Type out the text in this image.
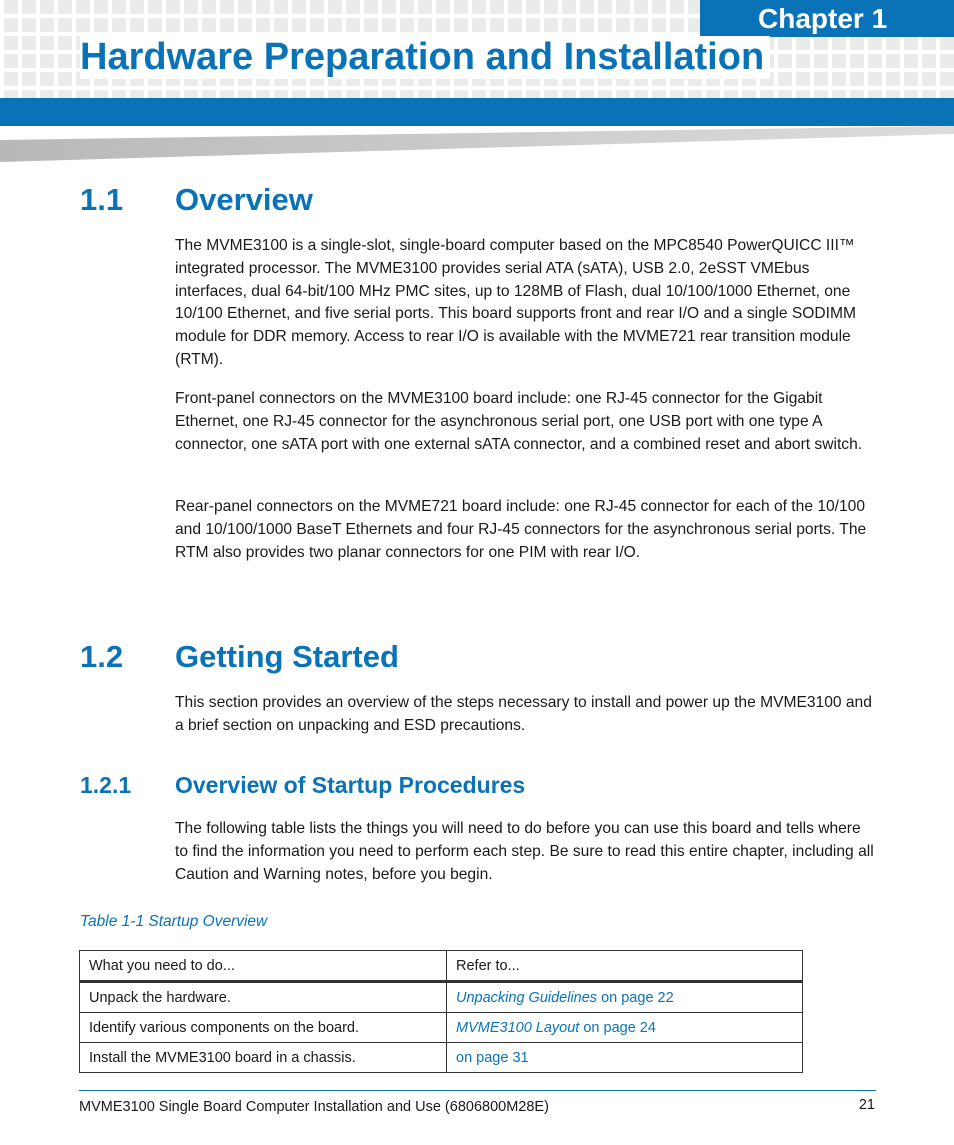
Chapter 1
Hardware Preparation and Installation
1.1 Overview

The MVME3100 is a single-slot, single-board computer based on the MPC8540 PowerQUICC III™ integrated processor. The MVME3100 provides serial ATA (sATA), USB 2.0, 2eSST VMEbus interfaces, dual 64-bit/100 MHz PMC sites, up to 128MB of Flash, dual 10/100/1000 Ethernet, one 10/100 Ethernet, and five serial ports. This board supports front and rear I/O and a single SODIMM module for DDR memory. Access to rear I/O is available with the MVME721 rear transition module (RTM).

Front-panel connectors on the MVME3100 board include: one RJ-45 connector for the Gigabit Ethernet, one RJ-45 connector for the asynchronous serial port, one USB port with one type A connector, one sATA port with one external sATA connector, and a combined reset and abort switch.

Rear-panel connectors on the MVME721 board include: one RJ-45 connector for each of the 10/100 and 10/100/1000 BaseT Ethernets and four RJ-45 connectors for the asynchronous serial ports. The RTM also provides two planar connectors for one PIM with rear I/O.

1.2 Getting Started

This section provides an overview of the steps necessary to install and power up the MVME3100 and a brief section on unpacking and ESD precautions.

1.2.1 Overview of Startup Procedures

The following table lists the things you will need to do before you can use this board and tells where to find the information you need to perform each step. Be sure to read this entire chapter, including all Caution and Warning notes, before you begin.

Table 1-1 Startup Overview

What you need to do...	Refer to...
Unpack the hardware.	Unpacking Guidelines on page 22
Identify various components on the board.	MVME3100 Layout on page 24
Install the MVME3100 board in a chassis.	on page 31

MVME3100 Single Board Computer Installation and Use (6806800M28E)	21
